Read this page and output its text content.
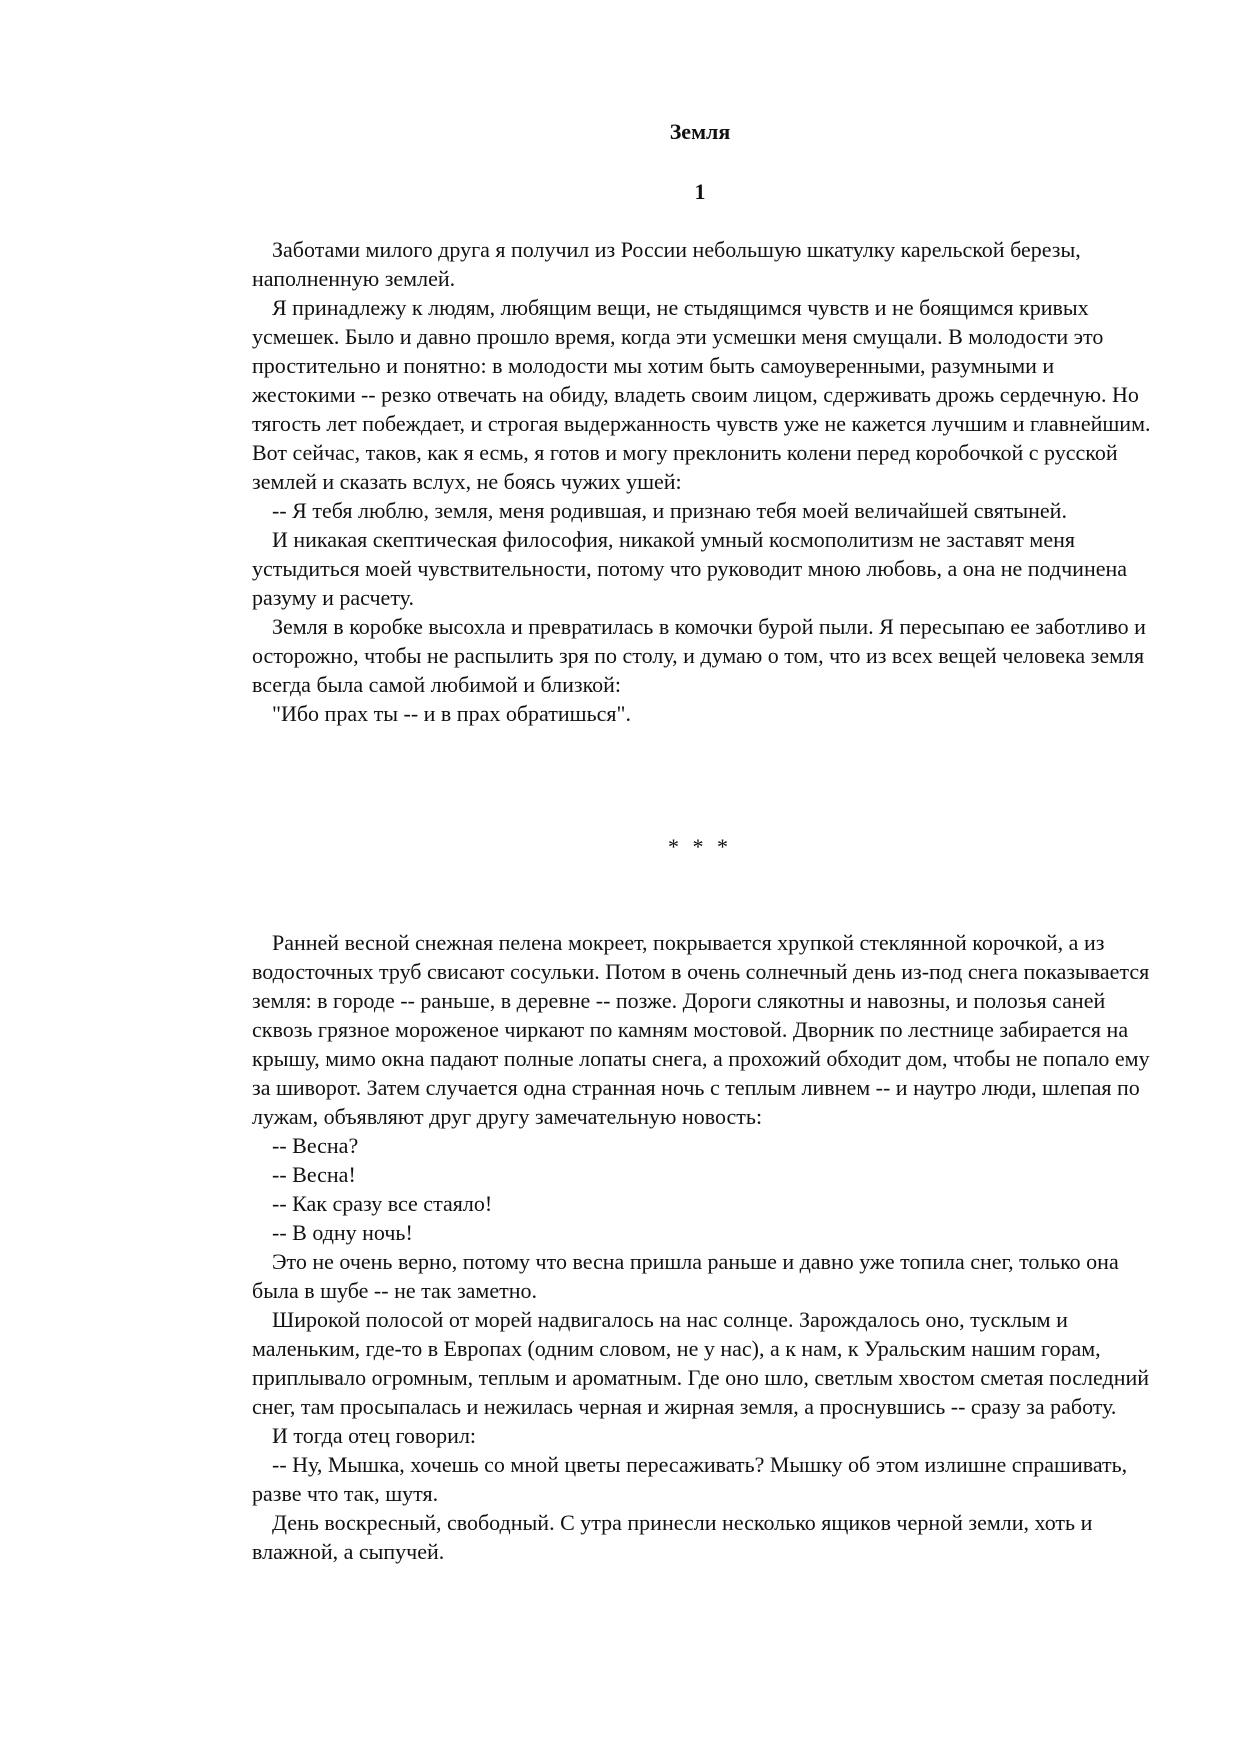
Земля
1

Заботами милого друга я получил из России небольшую шкатулку карельской березы, наполненную землей.

Я принадлежу к людям, любящим вещи, не стыдящимся чувств и не боящимся кривых усмешек. Было и давно прошло время, когда эти усмешки меня смущали. В молодости это простительно и понятно: в молодости мы хотим быть самоуверенными, разумными и жестокими -- резко отвечать на обиду, владеть своим лицом, сдерживать дрожь сердечную. Но тягость лет побеждает, и строгая выдержанность чувств уже не кажется лучшим и главнейшим. Вот сейчас, таков, как я есмь, я готов и могу преклонить колени перед коробочкой с русской землей и сказать вслух, не боясь чужих ушей:

-- Я тебя люблю, земля, меня родившая, и признаю тебя моей величайшей святыней.

И никакая скептическая философия, никакой умный космополитизм не заставят меня устыдиться моей чувствительности, потому что руководит мною любовь, а она не подчинена разуму и расчету.

Земля в коробке высохла и превратилась в комочки бурой пыли. Я пересыпаю ее заботливо и осторожно, чтобы не распылить зря по столу, и думаю о том, что из всех вещей человека земля всегда была самой любимой и близкой:

"Ибо прах ты -- и в прах обратишься".

* * *

Ранней весной снежная пелена мокреет, покрывается хрупкой стеклянной корочкой, а из водосточных труб свисают сосульки. Потом в очень солнечный день из-под снега показывается земля: в городе -- раньше, в деревне -- позже. Дороги слякотны и навозны, и полозья саней сквозь грязное мороженое чиркают по камням мостовой. Дворник по лестнице забирается на крышу, мимо окна падают полные лопаты снега, а прохожий обходит дом, чтобы не попало ему за шиворот. Затем случается одна странная ночь с теплым ливнем -- и наутро люди, шлепая по лужам, объявляют друг другу замечательную новость:

-- Весна?

-- Весна!

-- Как сразу все стаяло!

-- В одну ночь!

Это не очень верно, потому что весна пришла раньше и давно уже топила снег, только она была в шубе -- не так заметно.

Широкой полосой от морей надвигалось на нас солнце. Зарождалось оно, тусклым и маленьким, где-то в Европах (одним словом, не у нас), а к нам, к Уральским нашим горам, приплывало огромным, теплым и ароматным. Где оно шло, светлым хвостом сметая последний снег, там просыпалась и нежилась черная и жирная земля, а проснувшись -- сразу за работу.

И тогда отец говорил:

-- Ну, Мышка, хочешь со мной цветы пересаживать? Мышку об этом излишне спрашивать, разве что так, шутя.

День воскресный, свободный. С утра принесли несколько ящиков черной земли, хоть и влажной, а сыпучей.
